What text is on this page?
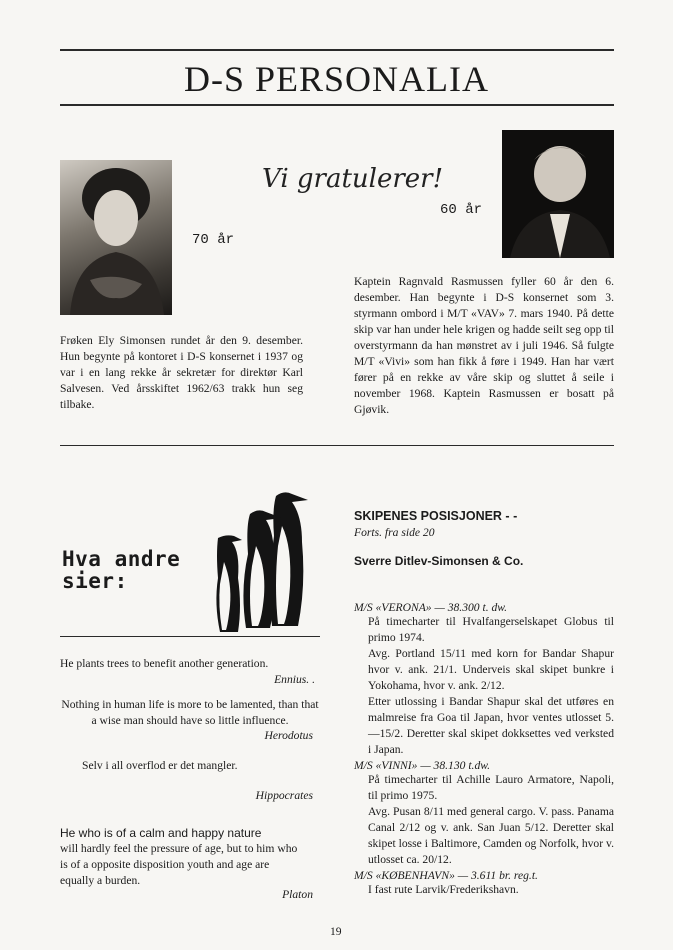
D-S PERSONALIA
70 år
Vi gratulerer!
60 år
Frøken Ely Simonsen rundet år den 9. desember. Hun begynte på kontoret i D-S konsernet i 1937 og var i en lang rekke år sekretær for direktør Karl Salvesen. Ved årsskiftet 1962/63 trakk hun seg tilbake.
Kaptein Ragnvald Rasmussen fyller 60 år den 6. desember. Han begynte i D-S konsernet som 3. styrmann ombord i M/T «VAV» 7. mars 1940. På dette skip var han under hele krigen og hadde seilt seg opp til overstyrmann da han mønstret av i juli 1946. Så fulgte M/T «Vivi» som han fikk å føre i 1949. Han har vært fører på en rekke av våre skip og sluttet å seile i november 1968. Kaptein Rasmussen er bosatt på Gjøvik.
Hva andre
sier:
He plants trees to benefit another generation.
Ennius. .
Nothing in human life is more to be lamented, than that a wise man should have so little influence.
Herodotus
Selv i all overflod er det mangler.
Hippocrates
He who is of a calm and happy nature
will hardly feel the pressure of age, but to him who is of a opposite disposition youth and age are equally a burden.
Platon
SKIPENES POSISJONER - -
Forts. fra side 20
Sverre Ditlev-Simonsen & Co.
M/S «VERONA» — 38.300 t. dw.
På timecharter til Hvalfangerselskapet Globus til primo 1974.
Avg. Portland 15/11 med korn for Bandar Shapur hvor v. ank. 21/1. Underveis skal skipet bunkre i Yokohama, hvor v. ank. 2/12.
Etter utlossing i Bandar Shapur skal det utføres en malmreise fra Goa til Japan, hvor ventes utlosset 5.—15/2. Deretter skal skipet dokksettes ved verksted i Japan.
M/S «VINNI» — 38.130 t.dw.
På timecharter til Achille Lauro Armatore, Napoli, til primo 1975.
Avg. Pusan 8/11 med general cargo. V. pass. Panama Canal 2/12 og v. ank. San Juan 5/12. Deretter skal skipet losse i Baltimore, Camden og Norfolk, hvor v. utlosset ca. 20/12.
M/S «KØBENHAVN» — 3.611 br. reg.t.
I fast rute Larvik/Frederikshavn.
19
